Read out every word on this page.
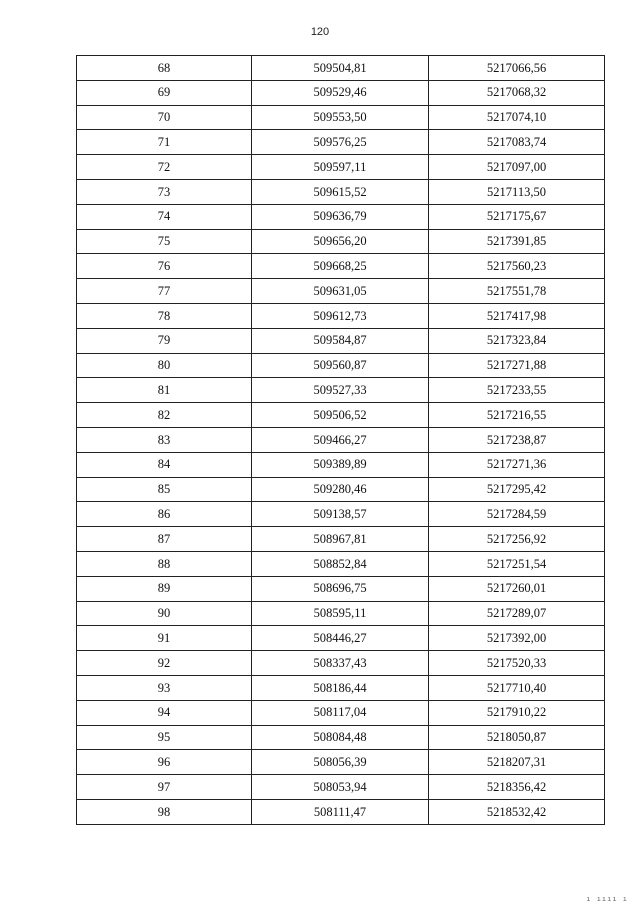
120
68	509504,81	5217066,56
69	509529,46	5217068,32
70	509553,50	5217074,10
71	509576,25	5217083,74
72	509597,11	5217097,00
73	509615,52	5217113,50
74	509636,79	5217175,67
75	509656,20	5217391,85
76	509668,25	5217560,23
77	509631,05	5217551,78
78	509612,73	5217417,98
79	509584,87	5217323,84
80	509560,87	5217271,88
81	509527,33	5217233,55
82	509506,52	5217216,55
83	509466,27	5217238,87
84	509389,89	5217271,36
85	509280,46	5217295,42
86	509138,57	5217284,59
87	508967,81	5217256,92
88	508852,84	5217251,54
89	508696,75	5217260,01
90	508595,11	5217289,07
91	508446,27	5217392,00
92	508337,43	5217520,33
93	508186,44	5217710,40
94	508117,04	5217910,22
95	508084,48	5218050,87
96	508056,39	5218207,31
97	508053,94	5218356,42
98	508111,47	5218532,42
ı ıııı ı
